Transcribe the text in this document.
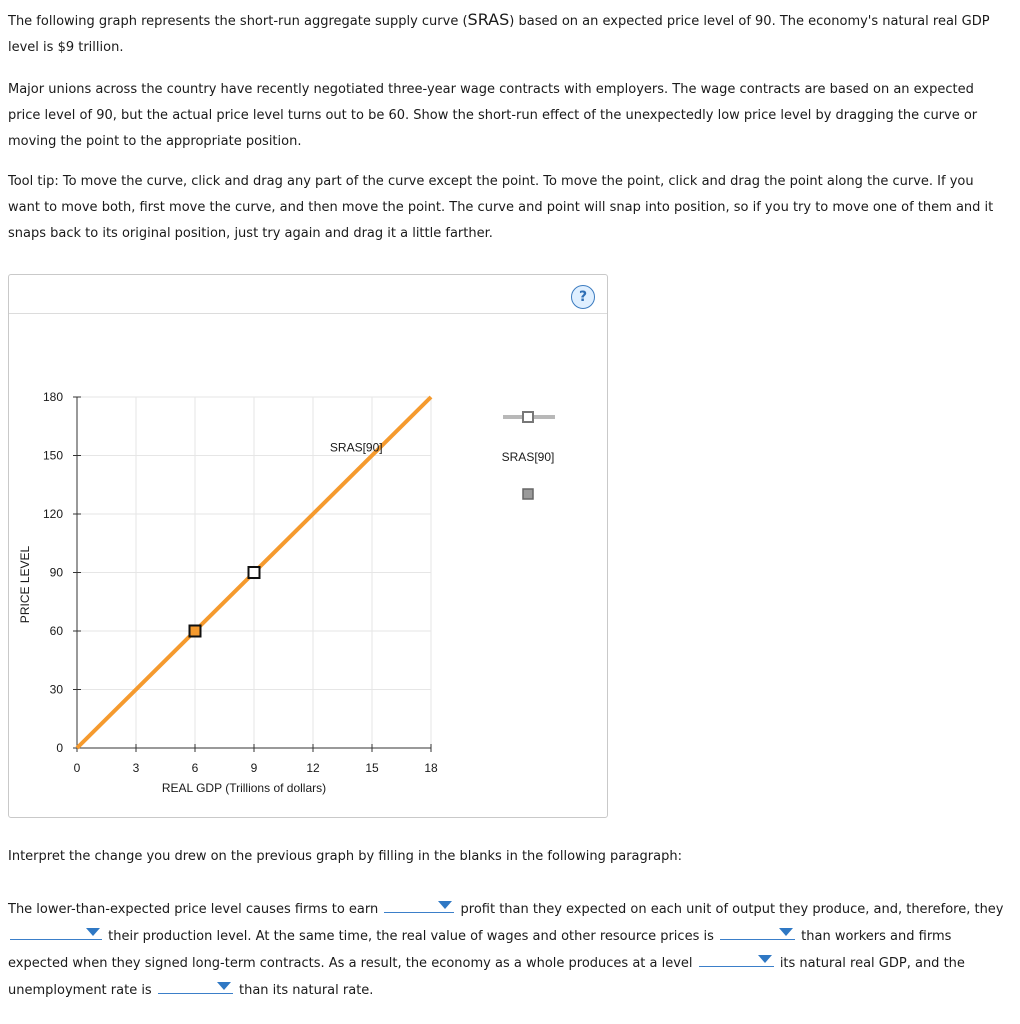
The following graph represents the short-run aggregate supply curve (SRAS) based on an expected price level of 90. The economy's natural real GDP level is $9 trillion.

Major unions across the country have recently negotiated three-year wage contracts with employers. The wage contracts are based on an expected price level of 90, but the actual price level turns out to be 60. Show the short-run effect of the unexpectedly low price level by dragging the curve or moving the point to the appropriate position.

Tool tip: To move the curve, click and drag any part of the curve except the point. To move the point, click and drag the point along the curve. If you want to move both, first move the curve, and then move the point. The curve and point will snap into position, so if you try to move one of them and it snaps back to its original position, just try again and drag it a little farther.

?
0	3	6	9	12	15	18
0
30
60
90
120
150
180
REAL GDP (Trillions of dollars)
PRICE LEVEL
SRAS[90]
SRAS[90]

Interpret the change you drew on the previous graph by filling in the blanks in the following paragraph:

The lower-than-expected price level causes firms to earn	profit than they expected on each unit of output they produce, and, therefore, they
their production level. At the same time, the real value of wages and other resource prices is	than workers and firms expected when they signed long-term contracts. As a result, the economy as a whole produces at a level	its natural real GDP, and the unemployment rate is	than its natural rate.
